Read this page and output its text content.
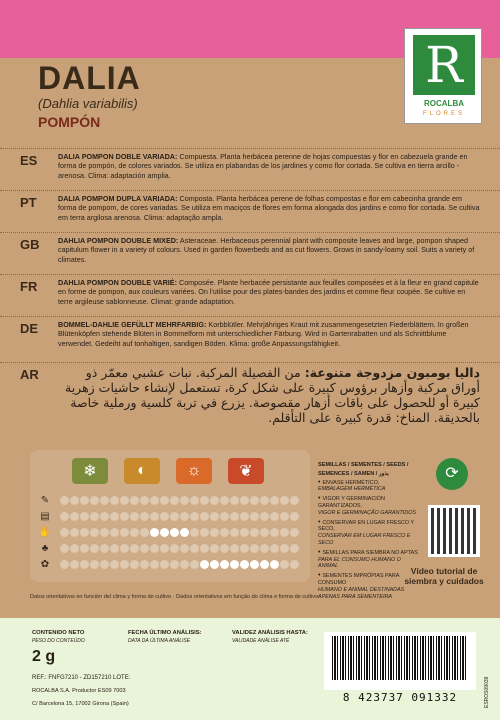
R
ROCALBA
FLORES
DALIA
(Dahlia variabilis)
POMPÓN
ES	DALIA POMPON DOBLE VARIADA: Compuesta. Planta herbácea perenne de hojas compuestas y flor en cabezuela grande en forma de pompón, de colores variados. Se utiliza en plabandas de los jardines y como flor cortada. Se cultiva en tierra arcillo - arenosa. Clima: adaptación amplia.
PT	DALIA POMPOM DUPLA VARIADA: Composta. Planta herbácea perene de folhas compostas e flor em cabecinha grande em forma de pompom, de cores variadas. Se utiliza em maciços de flores em forma alongada dos jardins e como flor cortada. Se cultiva em terra argilosa arenosa. Clima: adaptação ampla.
GB	DAHLIA POMPON DOUBLE MIXED: Asteraceae. Herbaceous perennial plant with composite leaves and large, pompon shaped capitulum flower in a variety of colours. Used in garden flowerbeds and as cut flowers. Grows in sandy-loamy soil. Suits a variety of climates.
FR	DAHLIA POMPON DOUBLE VARIÉ: Composée. Plante herbacée persistante aux feuilles composées et à la fleur en grand capitule en forme de pompon, aux couleurs variées. On l'utilise pour des plates-bandes des jardins et comme fleur coupée. Se cultive en terre argileuse sablonneuse. Climat: grande adaptation.
DE	BOMMEL-DAHLIE GEFÜLLT MEHRFARBIG: Korbblütler. Mehrjähriges Kraut mit zusammengesetzten Fiederblättern. In großen Blütenköpfen stehende Blüten in Bommelform mit unterschiedlicher Färbung. Wird in Gartenrabatten und als Schnittblume verwendet. Gedeiht auf tonhaltigen, sandigen Böden. Klima: große Anpassungsfähigkeit.
AR	داليا بومبون مزدوجة متنوعة: من الفصيلة المركبة. نبات عشبي معمّر ذو أوراق مركبة وأزهار برؤوس كبيرة على شكل كرة، تستعمل لإنشاء حاشيات زهرية كبيرة أو للحصول على باقات أزهار مقصوصة. يزرع في تربة كلسية ورملية خاصة بالحديقة. المناخ: قدرة كبيرة على التأقلم.
❄	◐	☼	❦
✎
▤
✋
♣
✿
SEMILLAS / SEMENTES / SEEDS /
SEMENCES / SAMEN / بذور
• ENVASE HERMÉTICO,
EMBALAGEM HERMÉTICA
• VIGOR Y GERMINACIÓN GARANTIZADOS,
VIGOR E GERMINAÇÃO GARANTIDOS
• CONSERVAR EN LUGAR FRESCO Y SECO,
CONSERVAR EM LUGAR FRESCO E SECO
• SEMILLAS PARA SIEMBRA NO APTAS
PARA EL CONSUMO HUMANO O ANIMAL
• SEMENTES IMPRÓPIAS PARA CONSUMO
HUMANO E ANIMAL DESTINADAS APENAS PARA SEMENTEIRA
⟳
Vídeo tutorial de
siembra y cuidados
Datos orientativos en función del clima y forma de cultivo · Dados orientativos em função do clima e forma de cultivo
CONTENIDO NETO
PESO DO CONTEÚDO
2 g
FECHA ÚLTIMO ANÁLISIS:
DATA DA ÚLTIMA ANÁLISE
VALIDEZ ANÁLISIS HASTA:
VALIDADE ANÁLISE ATÉ
REF.: FNFG7210 - ZD157210 LOTE:
ROCALBA S.A. Productor ES09 7003
C/ Barcelona 15, 17002 Girona (Spain)	8 423737 091332	ESROS09039
